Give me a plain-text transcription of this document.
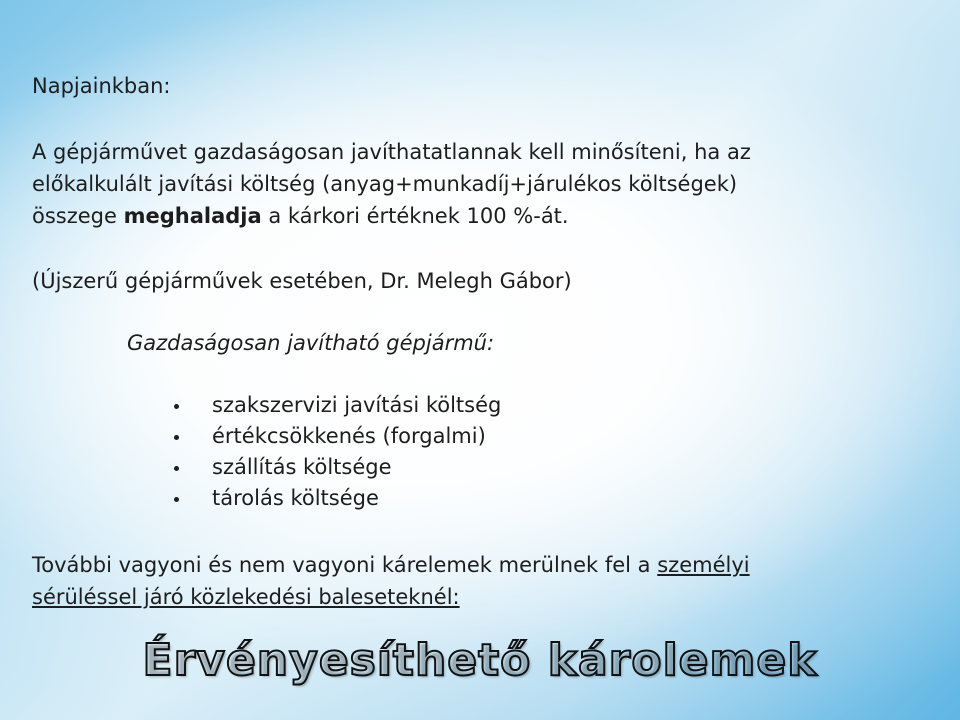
Napjainkban:

A gépjárművet gazdaságosan javíthatatlannak kell minősíteni, ha az
előkalkulált javítási költség (anyag+munkadíj+járulékos költségek)
összege meghaladja a kárkori értéknek 100 %-át.

(Újszerű gépjárművek esetében, Dr. Melegh Gábor)

Gazdaságosan javítható gépjármű:

szakszervizi javítási költség
értékcsökkenés (forgalmi)
szállítás költsége
tárolás költsége

További vagyoni és nem vagyoni kárelemek merülnek fel a személyi
sérüléssel járó közlekedési baleseteknél:

Érvényesíthető károlemek
